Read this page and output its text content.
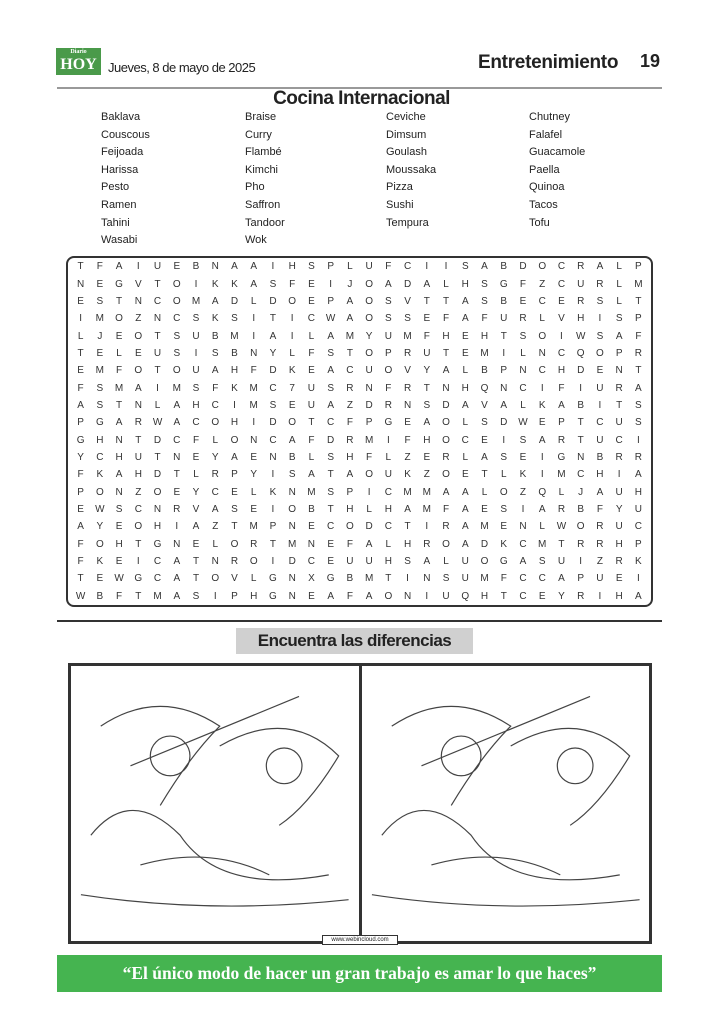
Diario
HOY Jueves, 8 de mayo de 2025	Entretenimiento 19
Cocina Internacional
Baklava	Braise	Ceviche	Chutney
Couscous	Curry	Dimsum	Falafel
Feijoada	Flambé	Goulash	Guacamole
Harissa	Kimchi	Moussaka	Paella
Pesto	Pho	Pizza	Quinoa
Ramen	Saffron	Sushi	Tacos
Tahini	Tandoor	Tempura	Tofu
Wasabi	Wok
T F A I U E B N A A I H S P L U F C I I S A B D O C R A L P
N E G V T O I K K A S F E I J O A D A L H S G F Z C U R L M
E S T N C O M A D L D O E P A O S V T T A S B E C E R S L T
I M O Z N C S K S I T I C W A O S S E F A F U R L V H I S P
L J E O T S U B M I A I L A M Y U M F H E H T S O I W S A F
T E L E U S I S B N Y L F S T O P R U T E M I L N C Q O P R
E M F O T O U A H F D K E A C U O V Y A L B P N C H D E N T
F S M A I M S F K M C 7 U S R N F R T N H Q N C I F I U R A
A S T N L A H C I M S E U A Z D R N S D A V A L K A B I T S
P G A R W A C O H I D O T C F P G E A O L S D W E P T C U S
G H N T D C F L O N C A F D R M I F H O C E I S A R T U C I
Y C H U T N E Y A E N B L S H F L Z E R L A S E I G N B R R
F K A H D T L R P Y I S A T A O U K Z O E T L K I M C H I A
P O N Z O E Y C E L K N M S P I C M M A A L O Z Q L J A U H
E W S C N R V A S E I O B T H L H A M F A E S I A R B F Y U
A Y E O H I A Z T M P N E C O D C T I R A M E N L W O R U C
F O H T G N E L O R T M N E F A L H R O A D K C M T R R H P
F K E I C A T N R O I D C E U U H S A L U O G A S U I Z R K
T E W G C A T O V L G N X G B M T I N S U M F C C A P U E I
W B F T M A S I P H G N E A F A O N I U Q H T C E Y R I H A
Encuentra las diferencias
www.webincloud.com
“El único modo de hacer un gran trabajo es amar lo que haces”
